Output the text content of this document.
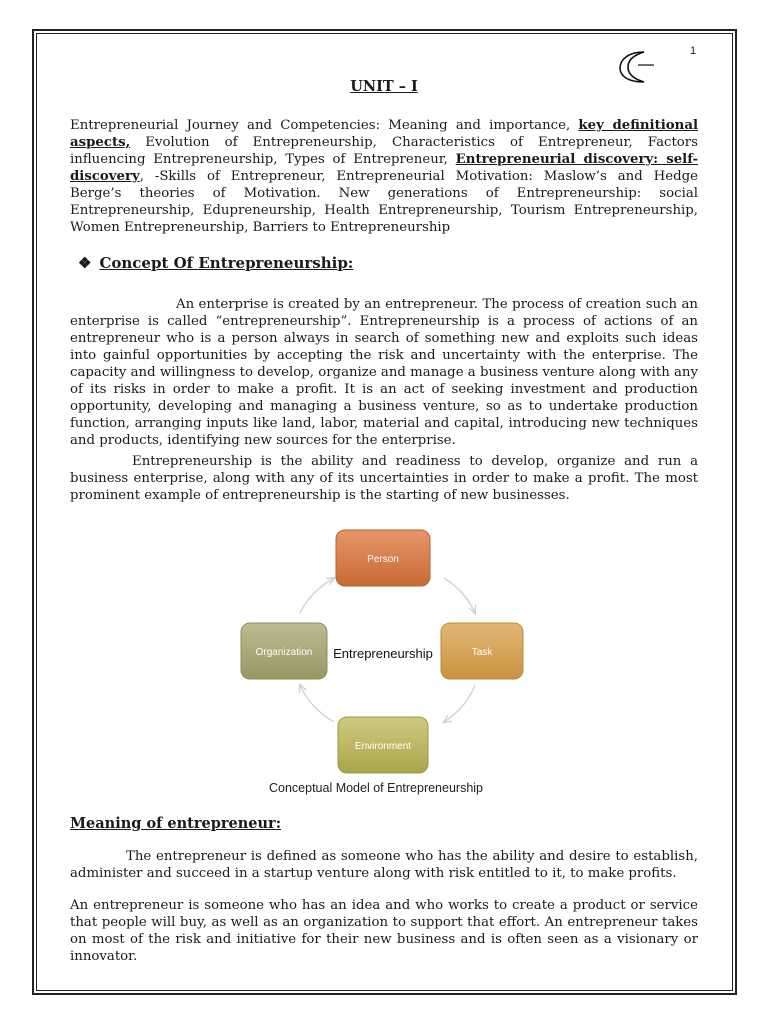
1
UNIT – I

Entrepreneurial Journey and Competencies: Meaning and importance, key definitional aspects, Evolution of Entrepreneurship, Characteristics of Entrepreneur, Factors influencing Entrepreneurship, Types of Entrepreneur, Entrepreneurial discovery: self- discovery, -Skills of Entrepreneur, Entrepreneurial Motivation: Maslow’s and Hedge Berge’s theories of Motivation. New generations of Entrepreneurship: social Entrepreneurship, Edupreneurship, Health Entrepreneurship, Tourism Entrepreneurship, Women Entrepreneurship, Barriers to Entrepreneurship

❖ Concept Of Entrepreneurship:

An enterprise is created by an entrepreneur. The process of creation such an enterprise is called “entrepreneurship”. Entrepreneurship is a process of actions of an entrepreneur who is a person always in search of something new and exploits such ideas into gainful opportunities by accepting the risk and uncertainty with the enterprise. The capacity and willingness to develop, organize and manage a business venture along with any of its risks in order to make a profit. It is an act of seeking investment and production opportunity, developing and managing a business venture, so as to undertake production function, arranging inputs like land, labor, material and capital, introducing new techniques and products, identifying new sources for the enterprise.

Entrepreneurship is the ability and readiness to develop, organize and run a business enterprise, along with any of its uncertainties in order to make a profit. The most prominent example of entrepreneurship is the starting of new businesses.

Person
Task
Environment
Organization Entrepreneurship
Conceptual Model of Entrepreneurship
Meaning of entrepreneur:

The entrepreneur is defined as someone who has the ability and desire to establish, administer and succeed in a startup venture along with risk entitled to it, to make profits.

An entrepreneur is someone who has an idea and who works to create a product or service that people will buy, as well as an organization to support that effort. An entrepreneur takes on most of the risk and initiative for their new business and is often seen as a visionary or innovator.
